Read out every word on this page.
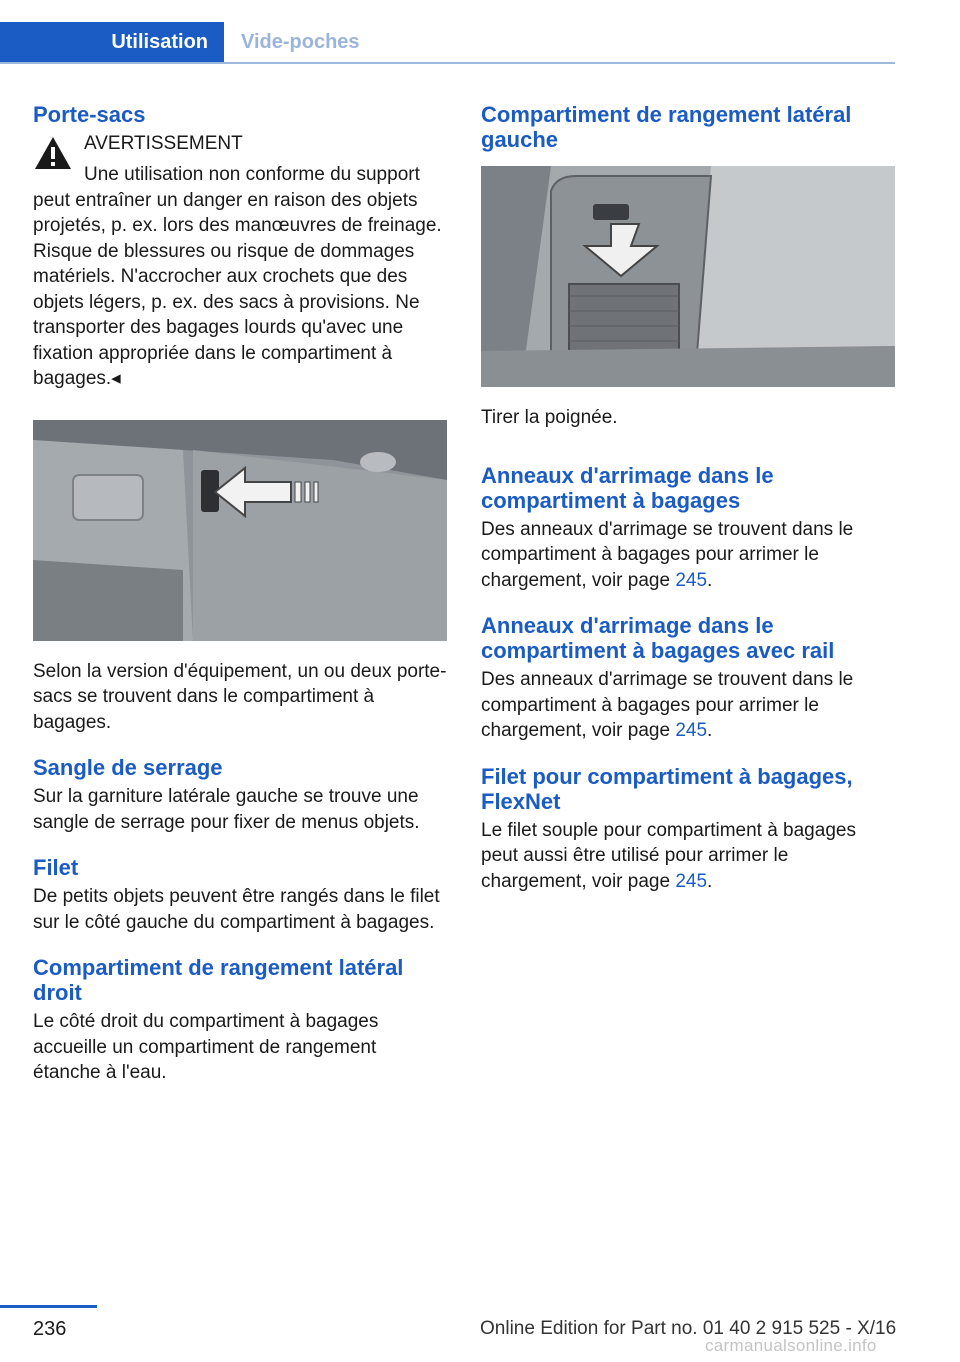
Utilisation	Vide-poches
Porte-sacs
AVERTISSEMENT

Une utilisation non conforme du support

peut entraîner un danger en raison des objets projetés, p. ex. lors des manœuvres de freinage. Risque de blessures ou risque de dommages matériels. N'accrocher aux crochets que des objets légers, p. ex. des sacs à provisions. Ne transporter des bagages lourds qu'avec une fixation appropriée dans le compartiment à bagages.◂

Selon la version d'équipement, un ou deux porte-sacs se trouvent dans le compartiment à bagages.

Sangle de serrage

Sur la garniture latérale gauche se trouve une sangle de serrage pour fixer de menus objets.

Filet

De petits objets peuvent être rangés dans le filet sur le côté gauche du compartiment à bagages.

Compartiment de rangement latéral droit

Le côté droit du compartiment à bagages accueille un compartiment de rangement étanche à l'eau.

Compartiment de rangement latéral gauche

Tirer la poignée.

Anneaux d'arrimage dans le compartiment à bagages

Des anneaux d'arrimage se trouvent dans le compartiment à bagages pour arrimer le chargement, voir page 245.

Anneaux d'arrimage dans le compartiment à bagages avec rail

Des anneaux d'arrimage se trouvent dans le compartiment à bagages pour arrimer le chargement, voir page 245.

Filet pour compartiment à bagages, FlexNet

Le filet souple pour compartiment à bagages peut aussi être utilisé pour arrimer le chargement, voir page 245.

236	Online Edition for Part no. 01 40 2 915 525 - X/16
carmanualsonline.info
